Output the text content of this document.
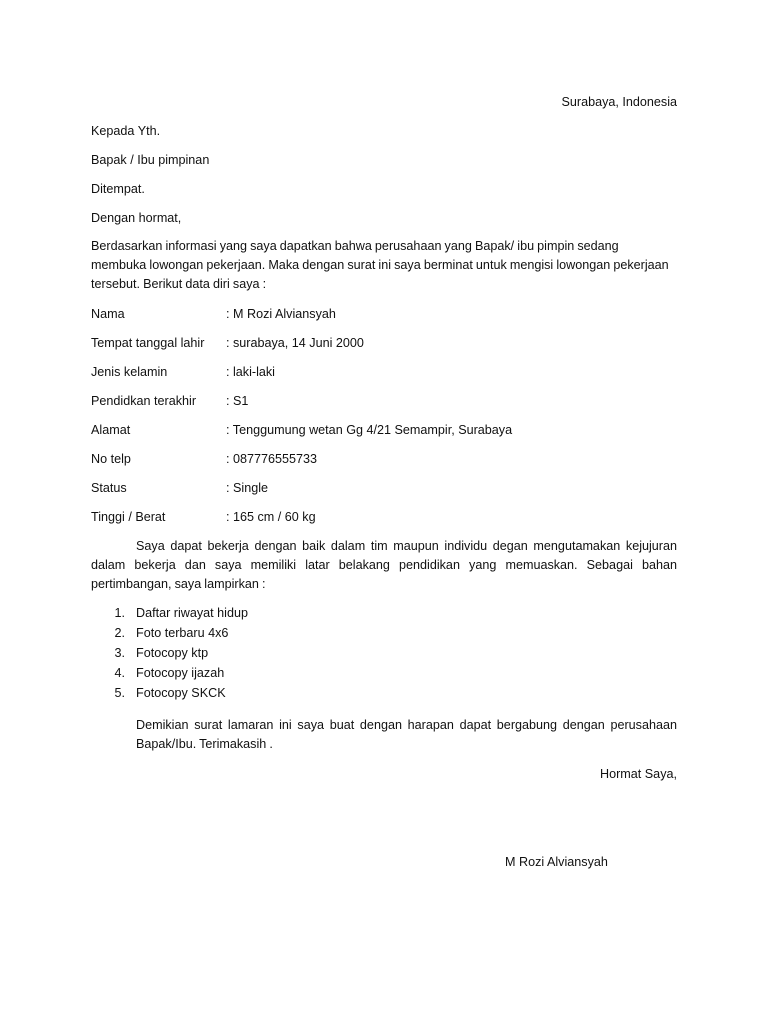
Surabaya, Indonesia
Kepada Yth.
Bapak / Ibu pimpinan
Ditempat.
Dengan hormat,
Berdasarkan informasi yang saya dapatkan bahwa perusahaan yang Bapak/ ibu pimpin sedang membuka lowongan pekerjaan. Maka dengan surat ini saya berminat untuk mengisi lowongan pekerjaan tersebut. Berikut data diri saya :
Nama	: M Rozi Alviansyah
Tempat tanggal lahir : surabaya, 14 Juni 2000
Jenis kelamin	: laki-laki
Pendidkan terakhir : S1
Alamat	: Tenggumung wetan Gg 4/21 Semampir, Surabaya
No telp	: 087776555733
Status	: Single
Tinggi / Berat	: 165 cm / 60 kg
Saya dapat bekerja dengan baik dalam tim maupun individu degan mengutamakan kejujuran dalam bekerja dan saya memiliki latar belakang pendidikan yang memuaskan. Sebagai bahan pertimbangan, saya lampirkan :
1. Daftar riwayat hidup
2. Foto terbaru 4x6
3. Fotocopy ktp
4. Fotocopy ijazah
5. Fotocopy SKCK
Demikian surat lamaran ini saya buat dengan harapan dapat bergabung dengan perusahaan Bapak/Ibu. Terimakasih .
Hormat Saya,
M Rozi Alviansyah
